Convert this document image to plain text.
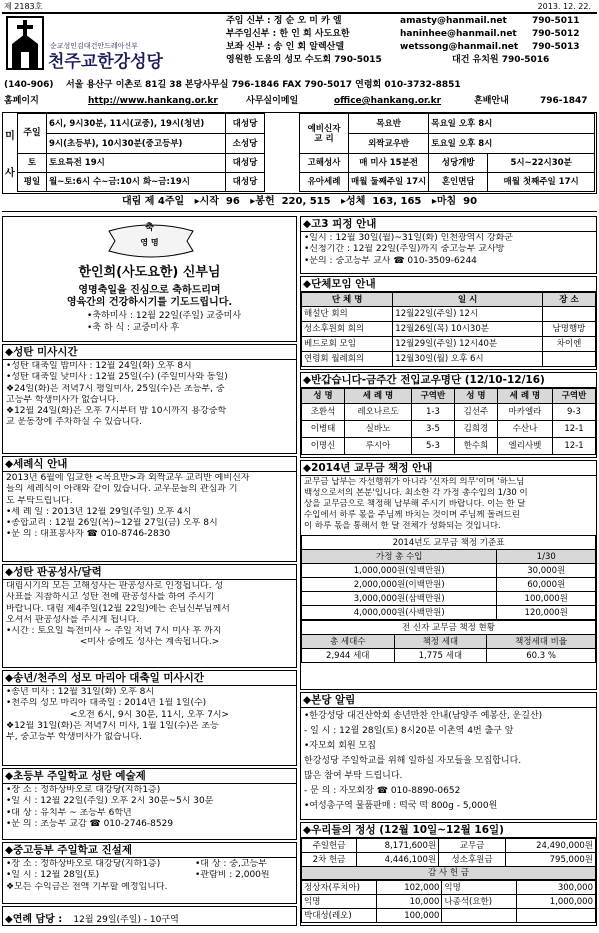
제 2183호	2013. 12. 22.
순교성인김대건안드레아신부
천주교한강성당
주임 신부 : 정 순 오 미 카 엘	amasty@hanmail.net	790-5011
부주임신부 : 한 인 희 사도요한	haninhee@hanmail.net 790-5012
보좌 신부 : 송 인 회 알렉산델	wetssong@hanmail.net 790-5013
영원한 도움의 성모 수도회 790-5015	대건 유치원 790-5016
(140-906) 서울 용산구 이촌로 81길 38 본당사무실 796-1846 FAX 790-5017 연령회 010-3732-8851
홈페이지	http://www.hankang.or.kr	사무실이메일	office@hankang.or.kr	혼배안내	796-1847
미
사
주일	6시, 9시30분, 11시(교중), 19시(청년)	대성당
	9시(초등부), 10시30분(중고등부)	소성당
토	토요특전 19시	대성당
평일	월~토:6시 수~금:10시 화~금:19시	대성당
예비신자
교 리	목요반	목요일 오후 8시	
	외짝교우반	토요일 오후 8시	
고해성사	매 미사 15분전	성당개방	5시~22시30분
유아세례	매월 둘째주일 17시	혼인면담	매월 첫째주일 17시
대림 제 4주일   ▸시작  96   ▸봉헌  220, 515   ▸성체  163, 165   ▸마침  90
축
영 명
한인희(사도요한) 신부님
영명축일을 진심으로 축하드리며
영육간의 건강하시기를 기도드립니다.
•축하미사 : 12월 22일(주일) 교중미사
•축 하 식 : 교중미사 후
◆성탄 미사시간
•성탄 대축일 밤미사 : 12월 24일(화) 오후 8시
•성탄 대축일 낮미사 : 12월 25일(수) (주일미사와 동일)
❖24일(화)은 저녁7시 평일미사, 25일(수)은 초등부, 중
고등부 학생미사가 없습니다.
❖12월 24일(화)은 오후 7시부터 밤 10시까지 용강중학
교 운동장에 주차하실 수 있습니다.
◆세례식 안내
2013년 6월에 입교한 <목요반>과 외짝교우 교리반 예비신자
들의 세례식이 아래와 같이 있습니다. 교우분들의 관심과 기
도 부탁드립니다.
•세 례 일 : 2013년 12월 29일(주일) 오후 4시
•종합교리 : 12월 26일(목)~12월 27일(금) 오후 8시
•문 의 : 대표봉사자 ☎ 010-8746-2830
◆성탄 판공성사/달력
대림시기의 모든 고해성사는 판공성사로 인정됩니다. 성
사표를 지참하시고 성탄 전에 판공성사를 하여 주시기
바랍니다. 대림 제4주일(12월 22일)에는 손님신부님께서
오셔서 판공성사를 주시게 됩니다.
•시간 : 토요일 특전미사 ~ 주일 저녁 7시 미사 후 까지
<미사 중에도 성사는 계속됩니다.>
◆송년/천주의 성모 마리아 대축일 미사시간
•송년 미사 : 12월 31일(화) 오후 8시
•천주의 성모 마리아 대축일 : 2014년 1월 1일(수)
<오전 6시, 9시 30분, 11시, 오후 7시>
❖12월 31일(화)은 저녁7시 미사, 1월 1일(수)은 초등
부, 중고등부 학생미사가 없습니다.
◆초등부 주일학교 성탄 예술제
•장 소 : 정하상바오로 대강당(지하1층)
•일 시 : 12월 22일(주일) 오후 2시 30분~5시 30분
•대 상 : 유치부 ~ 초등부 6학년
•문 의 : 초등부 교감 ☎ 010-2746-8529
◆중고등부 주일학교 진설제
•장 소 : 정하상바오로 대강당(지하1층)
•일 시 : 12월 28일(토)
❖모든 수익금은 전액 기부할 예정입니다.
•대 상 : 중,고등부
•관람비 : 2,000원
◆연례 담당 : 12월 29일(주일) - 10구역
◆고3 피정 안내
•일시 : 12월 30일(월)~31일(화) 인천광역시 강화군
•신청기간 : 12월 22일(주일)까지 중고등부 교사방
•문의 : 중고등부 교사 ☎ 010-3509-6244
◆단체모임 안내
단 체 명	일 시	장 소
해설단 회의	12월22일(주일) 12시	
성소후원회 회의	12월26일(목) 10시30분	남명행방
베드로회 모임	12월29일(주일) 12시40분	차이엔
연령회 월례회의	12월30일(월) 오후 6시	
◆반갑습니다-금주간 전입교우명단 (12/10-12/16)
성 명	세 례 명	구역반	성 명	세 례 명	구역반
조환석	레오나르도	1-3	김선주	마카엘라	9-3
이병태	실바노	3-5	김희경	수산나	12-1
이명신	루시아	5-3	한수희	엘리사벳	12-1
◆2014년 교무금 책정 안내
교무금 납부는 자선행위가 아니라 '신자의 의무'이며 '하느님
백성으로서의 본분'입니다. 최소한 각 가정 총수입의 1/30 이
상을 교무금으로 책정해 납부해 주시기 바랍니다. 이는 한 달
수입에서 하루 몫을 주님께 바치는 것이며 주님께 돌려드린
이 하루 몫을 통해서 한 달 전체가 성화되는 것입니다.
2014년도 교무금 책정 기준표	
가정 총 수입	1/30
1,000,000원(일백만원)	30,000원
2,000,000원(이백만원)	60,000원
3,000,000원(삼백만원)	100,000원
4,000,000원(사백만원)	120,000원
전 신자 교무금 책정 현황		
총 세대수	책정 세대	책정세대 비율
2,944 세대	1,775 세대	60.3 %
◆본당 알림
•한강성당 대건산학회 송년만찬 안내(남양주 예봉산, 운길산)
- 일 시 : 12월 28일(토) 8시20분 이촌역 4번 출구 앞
•자모회 회원 모집
한강성당 주일학교를 위해 일하실 자모들을 모집합니다.
많은 참여 부탁 드립니다.
- 문 의 : 자모회장 ☎ 010-8890-0652
•여성총구역 물품판매 : 떡국 떡 800g - 5,000원
◆우리들의 정성 (12월 10일~12월 16일)
주일헌금	8,171,600원	교무금	24,490,000원
2차 헌금	4,446,100원	성소후원금	795,000원
감 사 헌 금			
정상자(루치아)	102,000	익명	300,000
익명	10,000	나종석(요한)	1,000,000
박대성(레오)	100,000		
